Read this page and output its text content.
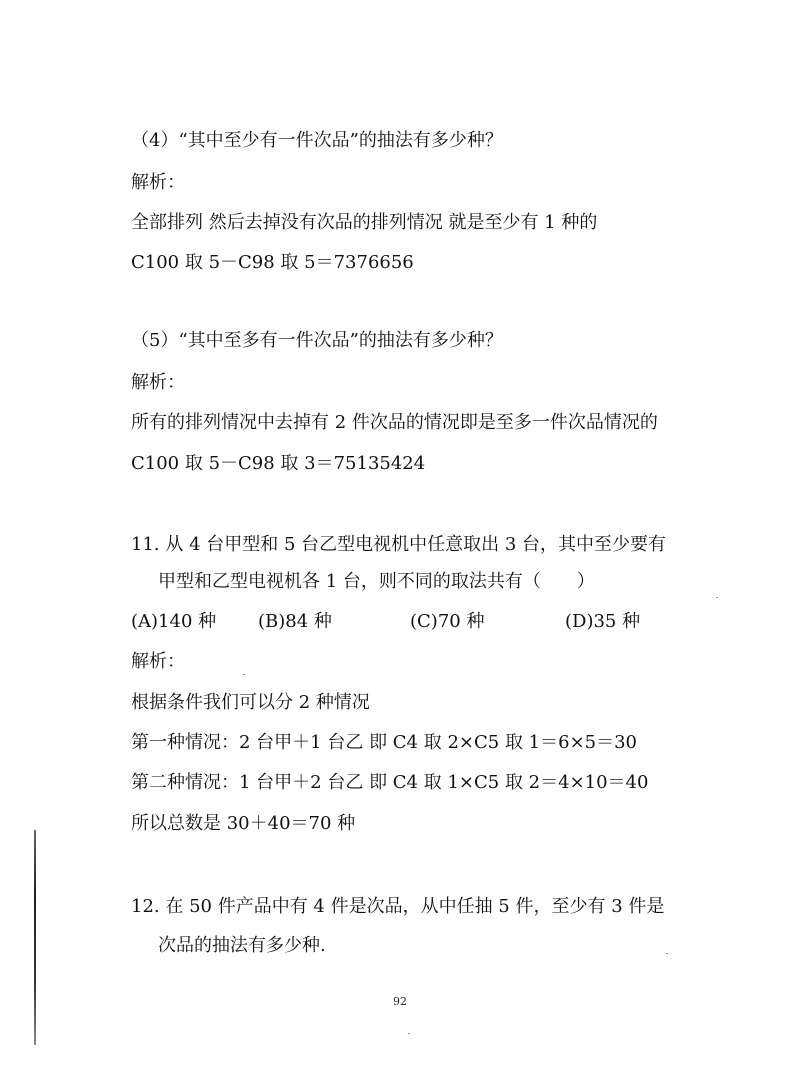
（4）“其中至少有一件次品”的抽法有多少种？
解析：
全部排列 然后去掉没有次品的排列情况 就是至少有 1 种的
C100 取 5－C98 取 5＝7376656
（5）“其中至多有一件次品”的抽法有多少种？
解析：
所有的排列情况中去掉有 2 件次品的情况即是至多一件次品情况的
C100 取 5－C98 取 3＝75135424
11. 从 4 台甲型和 5 台乙型电视机中任意取出 3 台，其中至少要有
甲型和乙型电视机各 1 台，则不同的取法共有（　　）
(A)140 种 (B)84 种	(C)70 种	(D)35 种
解析：
根据条件我们可以分 2 种情况
第一种情况：2 台甲＋1 台乙 即 C4 取 2×C5 取 1＝6×5＝30
第二种情况：1 台甲＋2 台乙 即 C4 取 1×C5 取 2＝4×10＝40
所以总数是 30＋40＝70 种
12. 在 50 件产品中有 4 件是次品，从中任抽 5 件，至少有 3 件是
次品的抽法有多少种.
92
